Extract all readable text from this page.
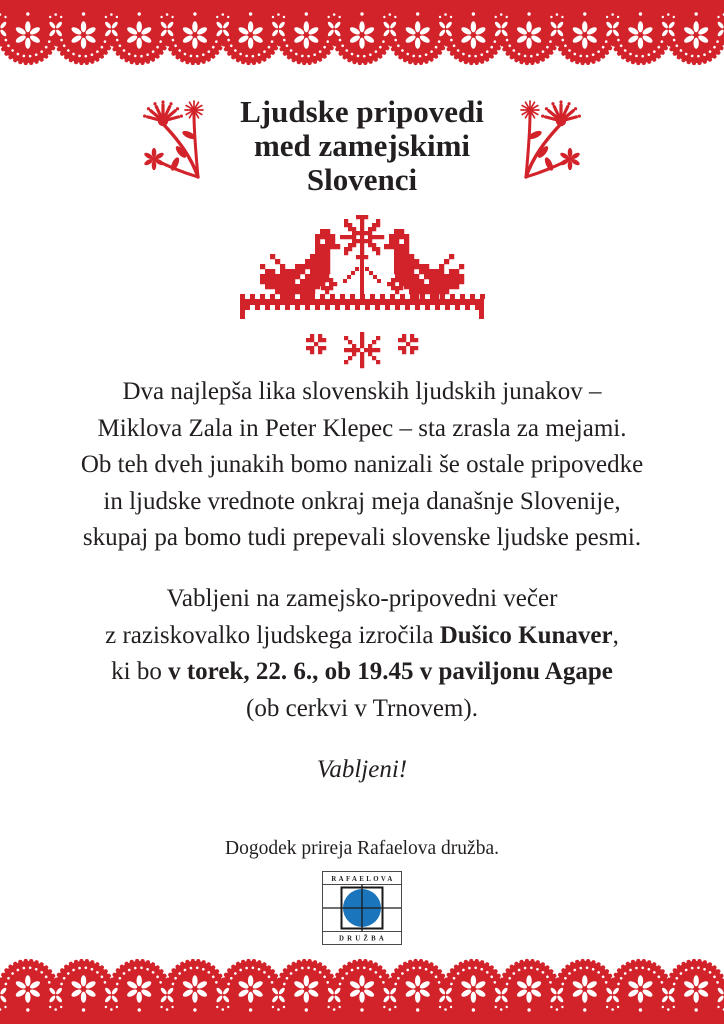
Ljudske pripovedi
med zamejskimi
Slovenci
Dva najlepša lika slovenskih ljudskih junakov –
Miklova Zala in Peter Klepec – sta zrasla za mejami.
Ob teh dveh junakih bomo nanizali še ostale pripovedke
in ljudske vrednote onkraj meja današnje Slovenije,
skupaj pa bomo tudi prepevali slovenske ljudske pesmi.
Vabljeni na zamejsko-pripovedni večer
z raziskovalko ljudskega izročila Dušico Kunaver,
ki bo v torek, 22. 6., ob 19.45 v paviljonu Agape
(ob cerkvi v Trnovem).
Vabljeni!
Dogodek prireja Rafaelova družba.
RAFAELOVA
DRUŽBA
